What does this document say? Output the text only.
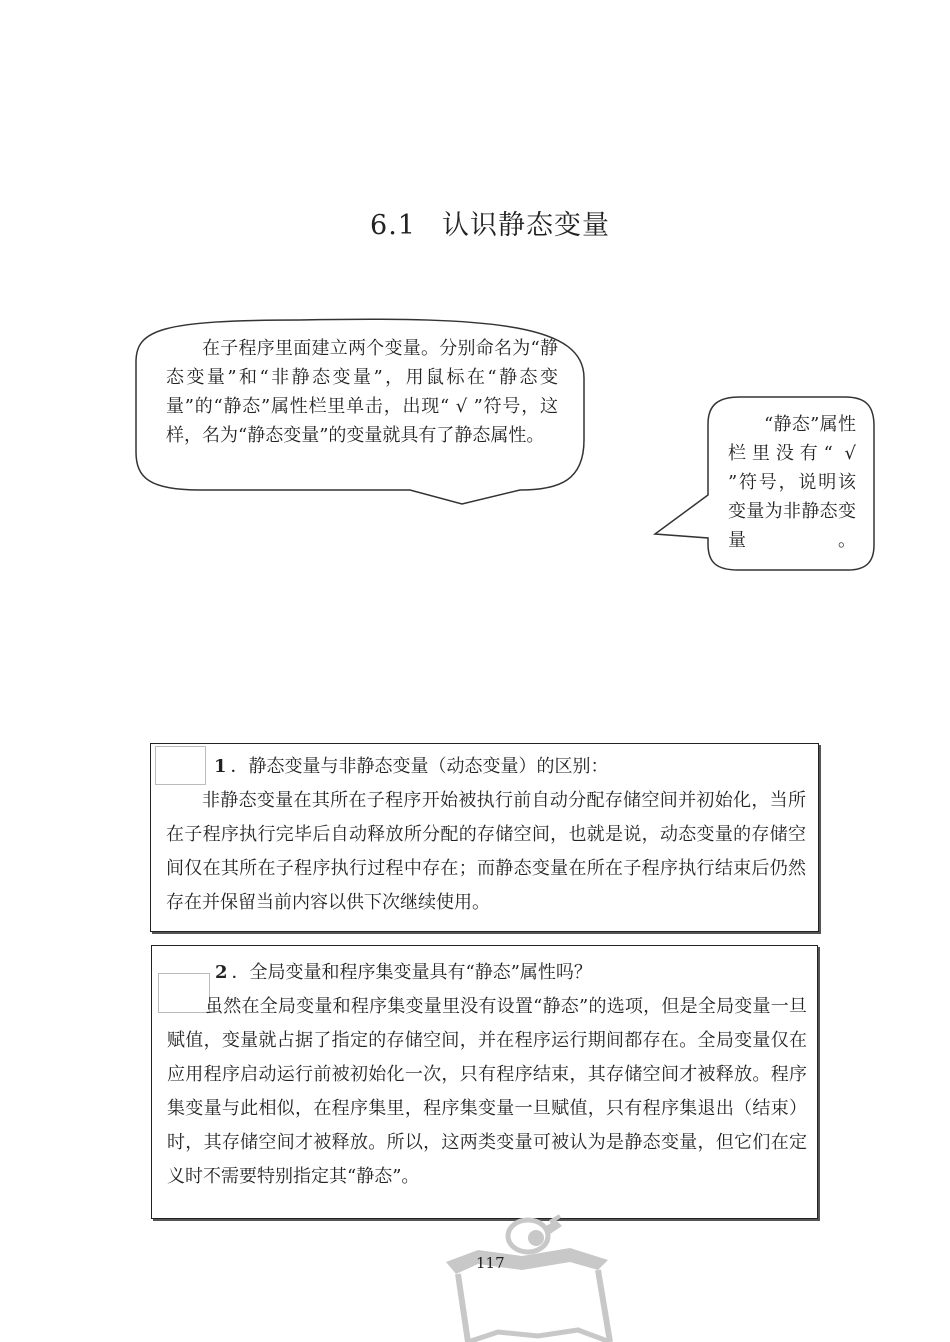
6.1 认识静态变量

在子程序里面建立两个变量。分别命名为“静态变量”和“非静态变量”，用鼠标在“静态变量”的“静态”属性栏里单击，出现“ √ ”符号，这样，名为“静态变量”的变量就具有了静态属性。

“静态”属性栏里没有“ √ ”符号，说明该变量为非静态变量。

1 ．静态变量与非静态变量（动态变量）的区别：
非静态变量在其所在子程序开始被执行前自动分配存储空间并初始化，当所在子程序执行完毕后自动释放所分配的存储空间，也就是说，动态变量的存储空间仅在其所在子程序执行过程中存在；而静态变量在所在子程序执行结束后仍然存在并保留当前内容以供下次继续使用。
2 ．全局变量和程序集变量具有“静态”属性吗？
虽然在全局变量和程序集变量里没有设置“静态”的选项，但是全局变量一旦赋值，变量就占据了指定的存储空间，并在程序运行期间都存在。全局变量仅在应用程序启动运行前被初始化一次，只有程序结束，其存储空间才被释放。程序集变量与此相似，在程序集里，程序集变量一旦赋值，只有程序集退出（结束）时，其存储空间才被释放。所以，这两类变量可被认为是静态变量，但它们在定义时不需要特别指定其“静态”。
117
